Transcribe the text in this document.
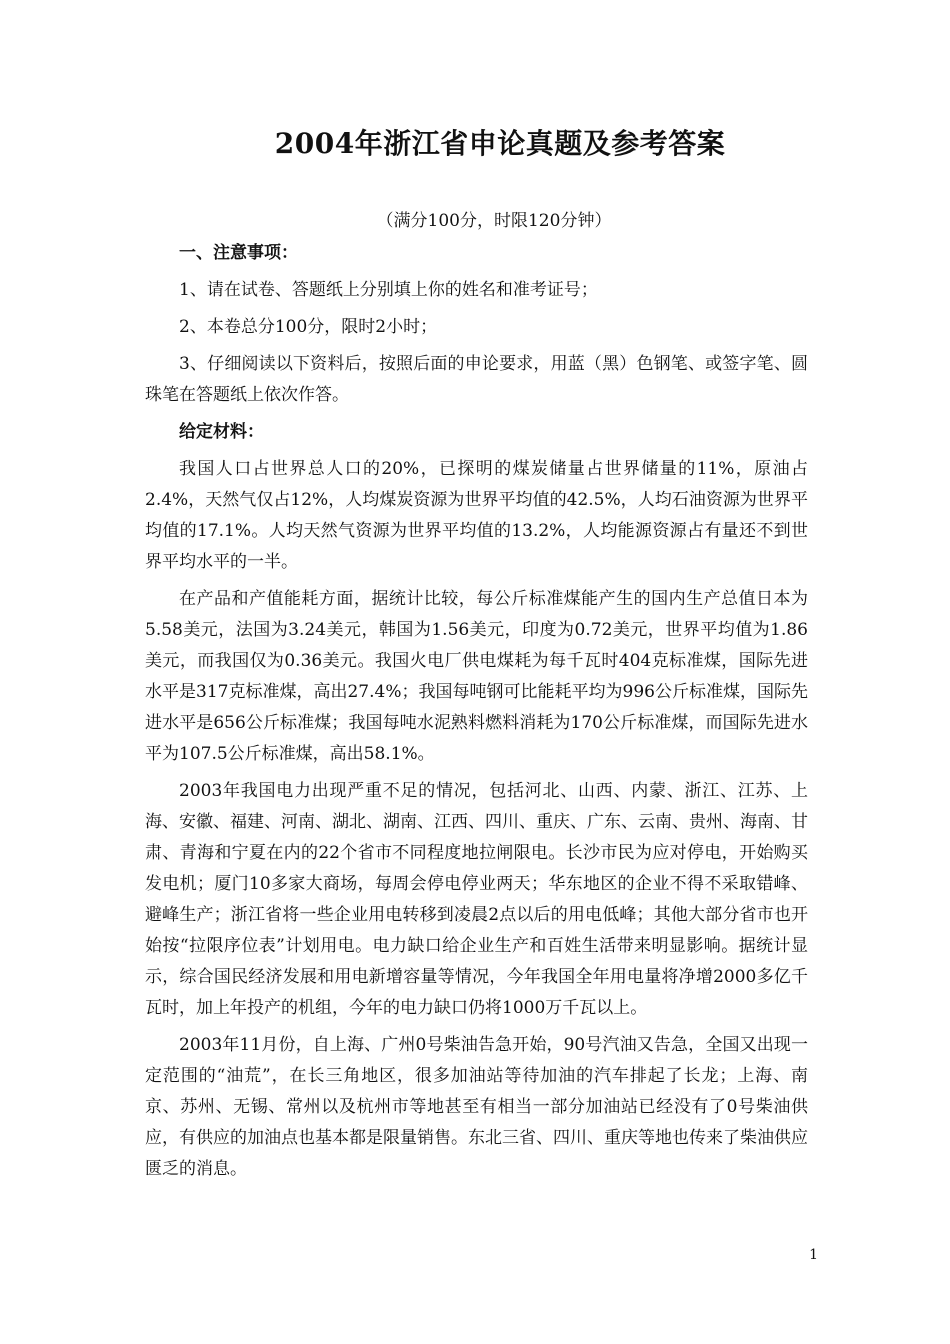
2004年浙江省申论真题及参考答案
（满分100分，时限120分钟）

一、注意事项：

1、请在试卷、答题纸上分别填上你的姓名和准考证号；

2、本卷总分100分，限时2小时；

3、仔细阅读以下资料后，按照后面的申论要求，用蓝（黑）色钢笔、或签字笔、圆珠笔在答题纸上依次作答。

给定材料：

我国人口占世界总人口的20%，已探明的煤炭储量占世界储量的11%，原油占2.4%，天然气仅占12%，人均煤炭资源为世界平均值的42.5%，人均石油资源为世界平均值的17.1%。人均天然气资源为世界平均值的13.2%，人均能源资源占有量还不到世界平均水平的一半。

在产品和产值能耗方面，据统计比较，每公斤标准煤能产生的国内生产总值日本为5.58美元，法国为3.24美元，韩国为1.56美元，印度为0.72美元，世界平均值为1.86美元，而我国仅为0.36美元。我国火电厂供电煤耗为每千瓦时404克标准煤，国际先进水平是317克标准煤，高出27.4%；我国每吨钢可比能耗平均为996公斤标准煤，国际先进水平是656公斤标准煤；我国每吨水泥熟料燃料消耗为170公斤标准煤，而国际先进水平为107.5公斤标准煤，高出58.1%。

2003年我国电力出现严重不足的情况，包括河北、山西、内蒙、浙江、江苏、上海、安徽、福建、河南、湖北、湖南、江西、四川、重庆、广东、云南、贵州、海南、甘肃、青海和宁夏在内的22个省市不同程度地拉闸限电。长沙市民为应对停电，开始购买发电机；厦门10多家大商场，每周会停电停业两天；华东地区的企业不得不采取错峰、避峰生产；浙江省将一些企业用电转移到凌晨2点以后的用电低峰；其他大部分省市也开始按“拉限序位表”计划用电。电力缺口给企业生产和百姓生活带来明显影响。据统计显示，综合国民经济发展和用电新增容量等情况，今年我国全年用电量将净增2000多亿千瓦时，加上年投产的机组，今年的电力缺口仍将1000万千瓦以上。

2003年11月份，自上海、广州0号柴油告急开始，90号汽油又告急，全国又出现一定范围的“油荒”，在长三角地区，很多加油站等待加油的汽车排起了长龙；上海、南京、苏州、无锡、常州以及杭州市等地甚至有相当一部分加油站已经没有了0号柴油供应，有供应的加油点也基本都是限量销售。东北三省、四川、重庆等地也传来了柴油供应匮乏的消息。

1
